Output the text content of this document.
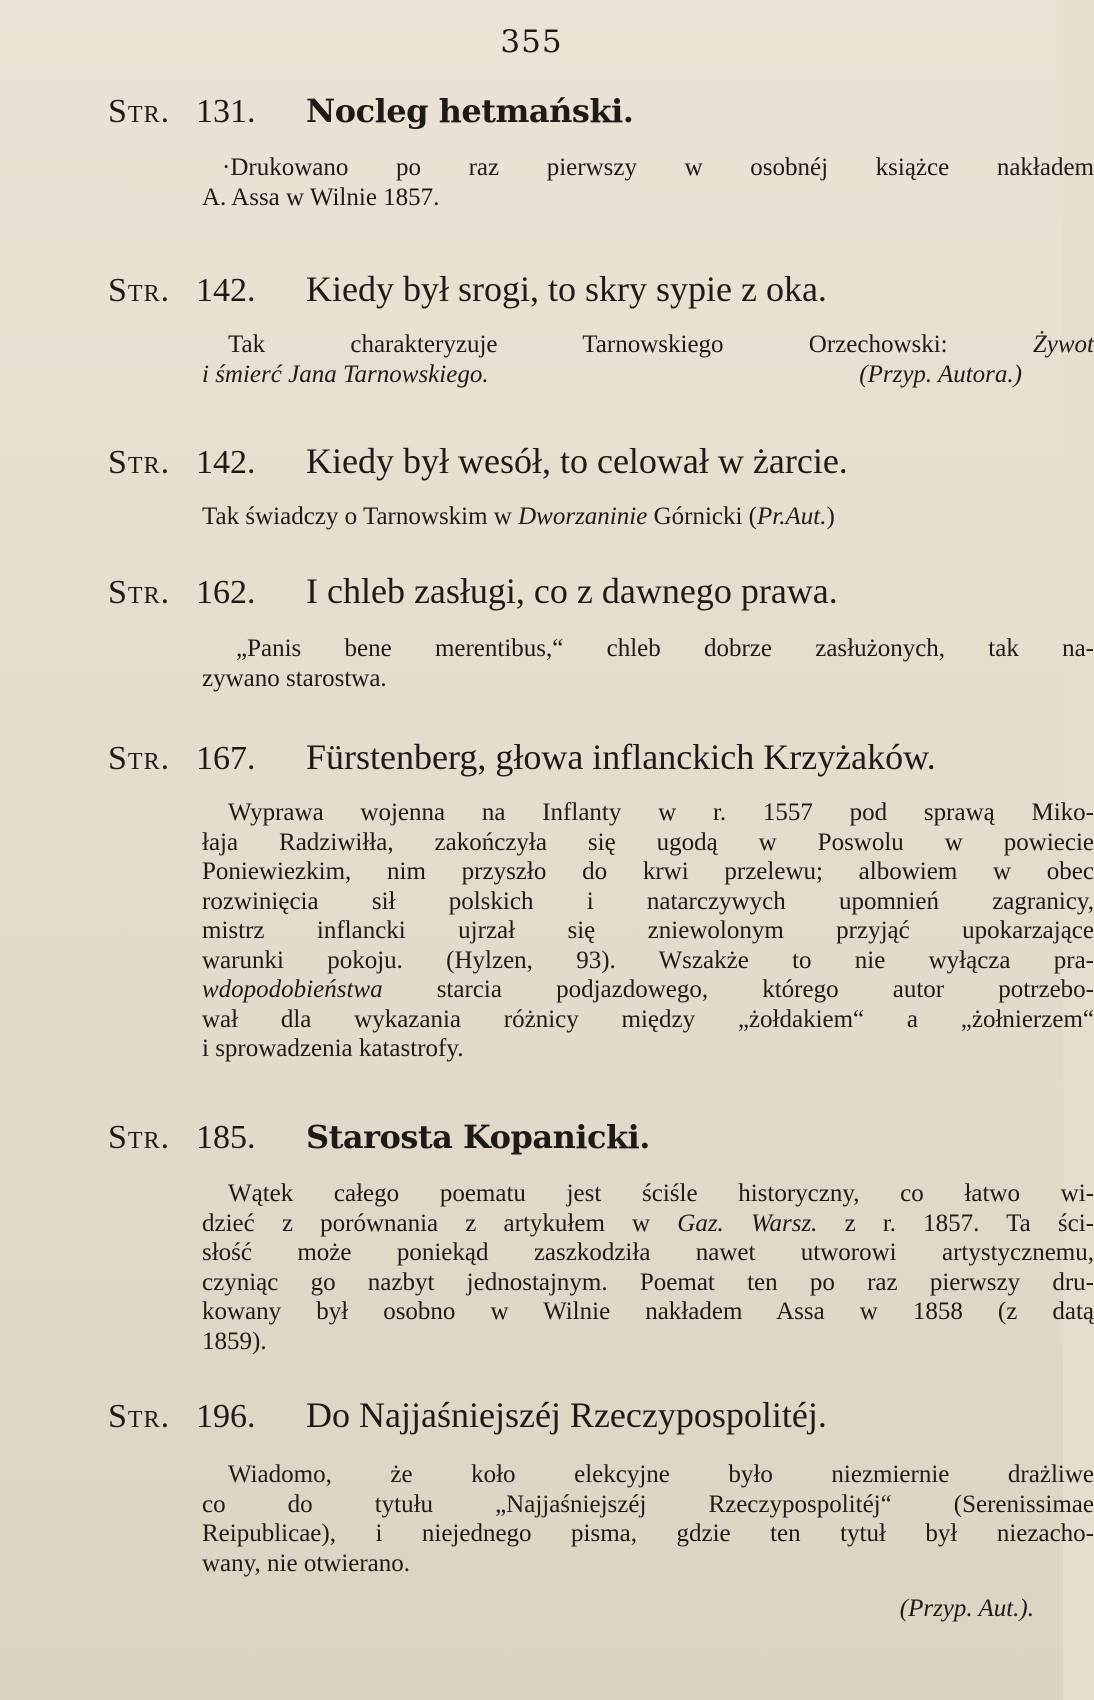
355
Str. 131.	Nocleg hetmański.
·Drukowano po raz pierwszy w osobnéj książce nakładem
A. Assa w Wilnie 1857.
Str. 142.	Kiedy był srogi, to skry sypie z oka.
Tak charakteryzuje Tarnowskiego Orzechowski: Żywot
i śmierć Jana Tarnowskiego.	(Przyp. Autora.)
Str. 142.	Kiedy był wesół, to celował w żarcie.
Tak świadczy o Tarnowskim w Dworzaninie Górnicki (Pr.Aut.)
Str. 162.	I chleb zasługi, co z dawnego prawa.
„Panis bene merentibus,“ chleb dobrze zasłużonych, tak na-
zywano starostwa.
Str. 167.	Fürstenberg, głowa inflanckich Krzyżaków.
Wyprawa wojenna na Inflanty w r. 1557 pod sprawą Miko-
łaja Radziwiłła, zakończyła się ugodą w Poswolu w powiecie
Poniewiezkim, nim przyszło do krwi przelewu; albowiem w obec
rozwinięcia sił polskich i natarczywych upomnień zagranicy,
mistrz inflancki ujrzał się zniewolonym przyjąć upokarzające
warunki pokoju. (Hylzen, 93). Wszakże to nie wyłącza pra-
wdopodobieństwa starcia podjazdowego, którego autor potrzebo-
wał dla wykazania różnicy między „żołdakiem“ a „żołnierzem“
i sprowadzenia katastrofy.
Str. 185.	Starosta Kopanicki.
Wątek całego poematu jest ściśle historyczny, co łatwo wi-
dzieć z porównania z artykułem w Gaz. Warsz. z r. 1857. Ta ści-
słość może poniekąd zaszkodziła nawet utworowi artystycznemu,
czyniąc go nazbyt jednostajnym. Poemat ten po raz pierwszy dru-
kowany był osobno w Wilnie nakładem Assa w 1858 (z datą
1859).
Str. 196.	Do Najjaśniejszéj Rzeczypospolitéj.
Wiadomo, że koło elekcyjne było niezmiernie drażliwe
co do tytułu „Najjaśniejszéj Rzeczypospolitéj“ (Serenissimae
Reipublicae), i niejednego pisma, gdzie ten tytuł był niezacho-
wany, nie otwierano.
(Przyp. Aut.).
